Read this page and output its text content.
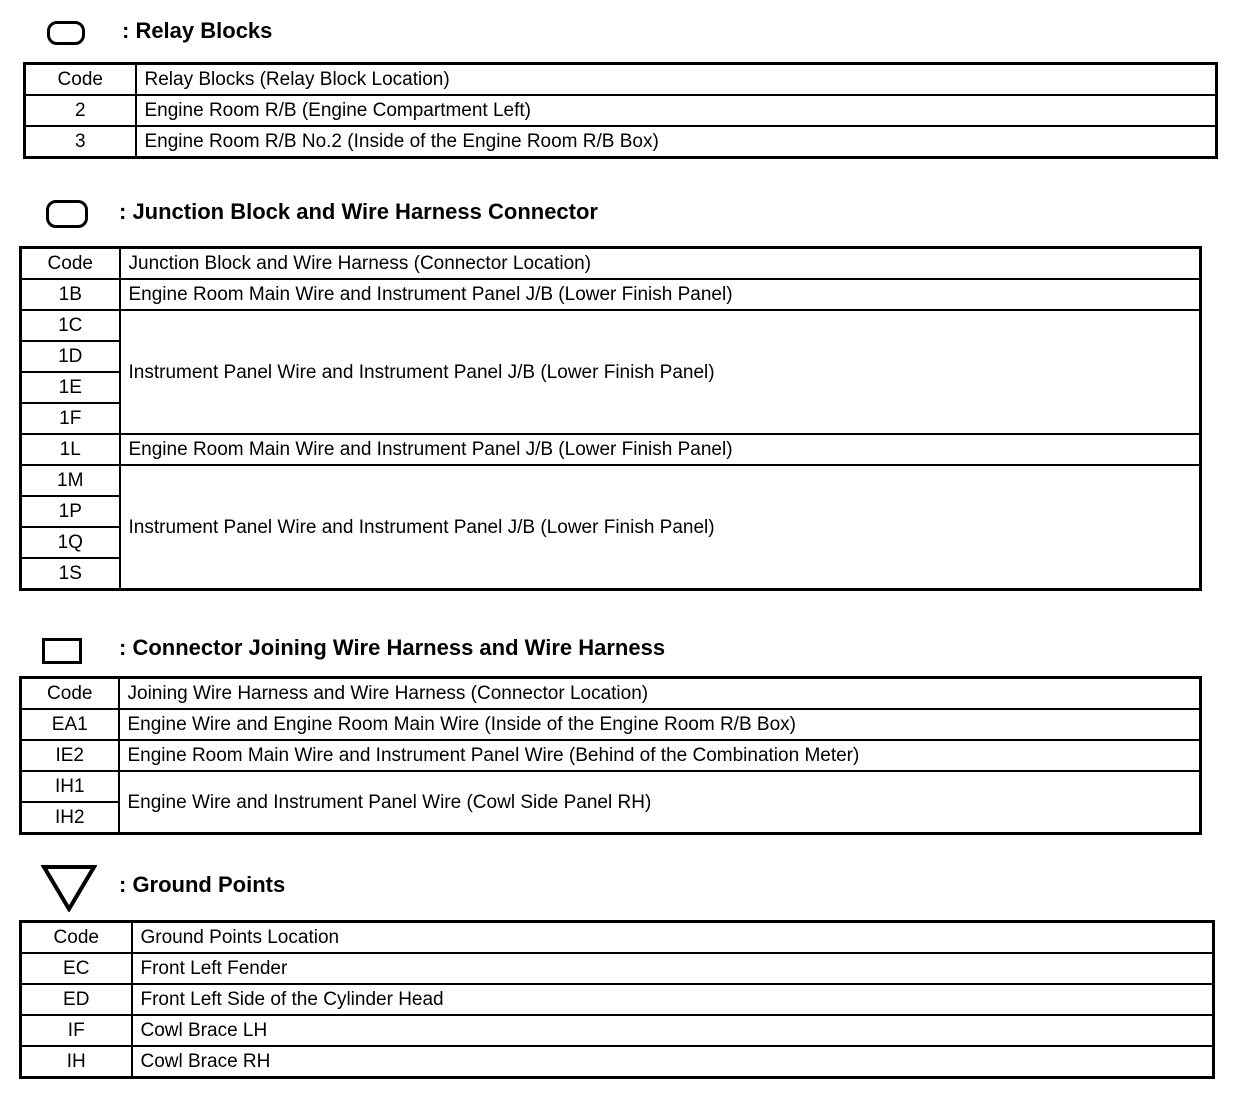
: Relay Blocks
Code	Relay Blocks (Relay Block Location)
2	Engine Room R/B (Engine Compartment Left)
3	Engine Room R/B No.2 (Inside of the Engine Room R/B Box)
: Junction Block and Wire Harness Connector
Code	Junction Block and Wire Harness (Connector Location)
1B	Engine Room Main Wire and Instrument Panel J/B (Lower Finish Panel)
1C	Instrument Panel Wire and Instrument Panel J/B (Lower Finish Panel)
1D	
1E	
1F	
1L	Engine Room Main Wire and Instrument Panel J/B (Lower Finish Panel)
1M	Instrument Panel Wire and Instrument Panel J/B (Lower Finish Panel)
1P	
1Q	
1S	
: Connector Joining Wire Harness and Wire Harness
Code	Joining Wire Harness and Wire Harness (Connector Location)
EA1	Engine Wire and Engine Room Main Wire (Inside of the Engine Room R/B Box)
IE2	Engine Room Main Wire and Instrument Panel Wire (Behind of the Combination Meter)
IH1	Engine Wire and Instrument Panel Wire (Cowl Side Panel RH)
IH2	
: Ground Points
Code	Ground Points Location
EC	Front Left Fender
ED	Front Left Side of the Cylinder Head
IF	Cowl Brace LH
IH	Cowl Brace RH
